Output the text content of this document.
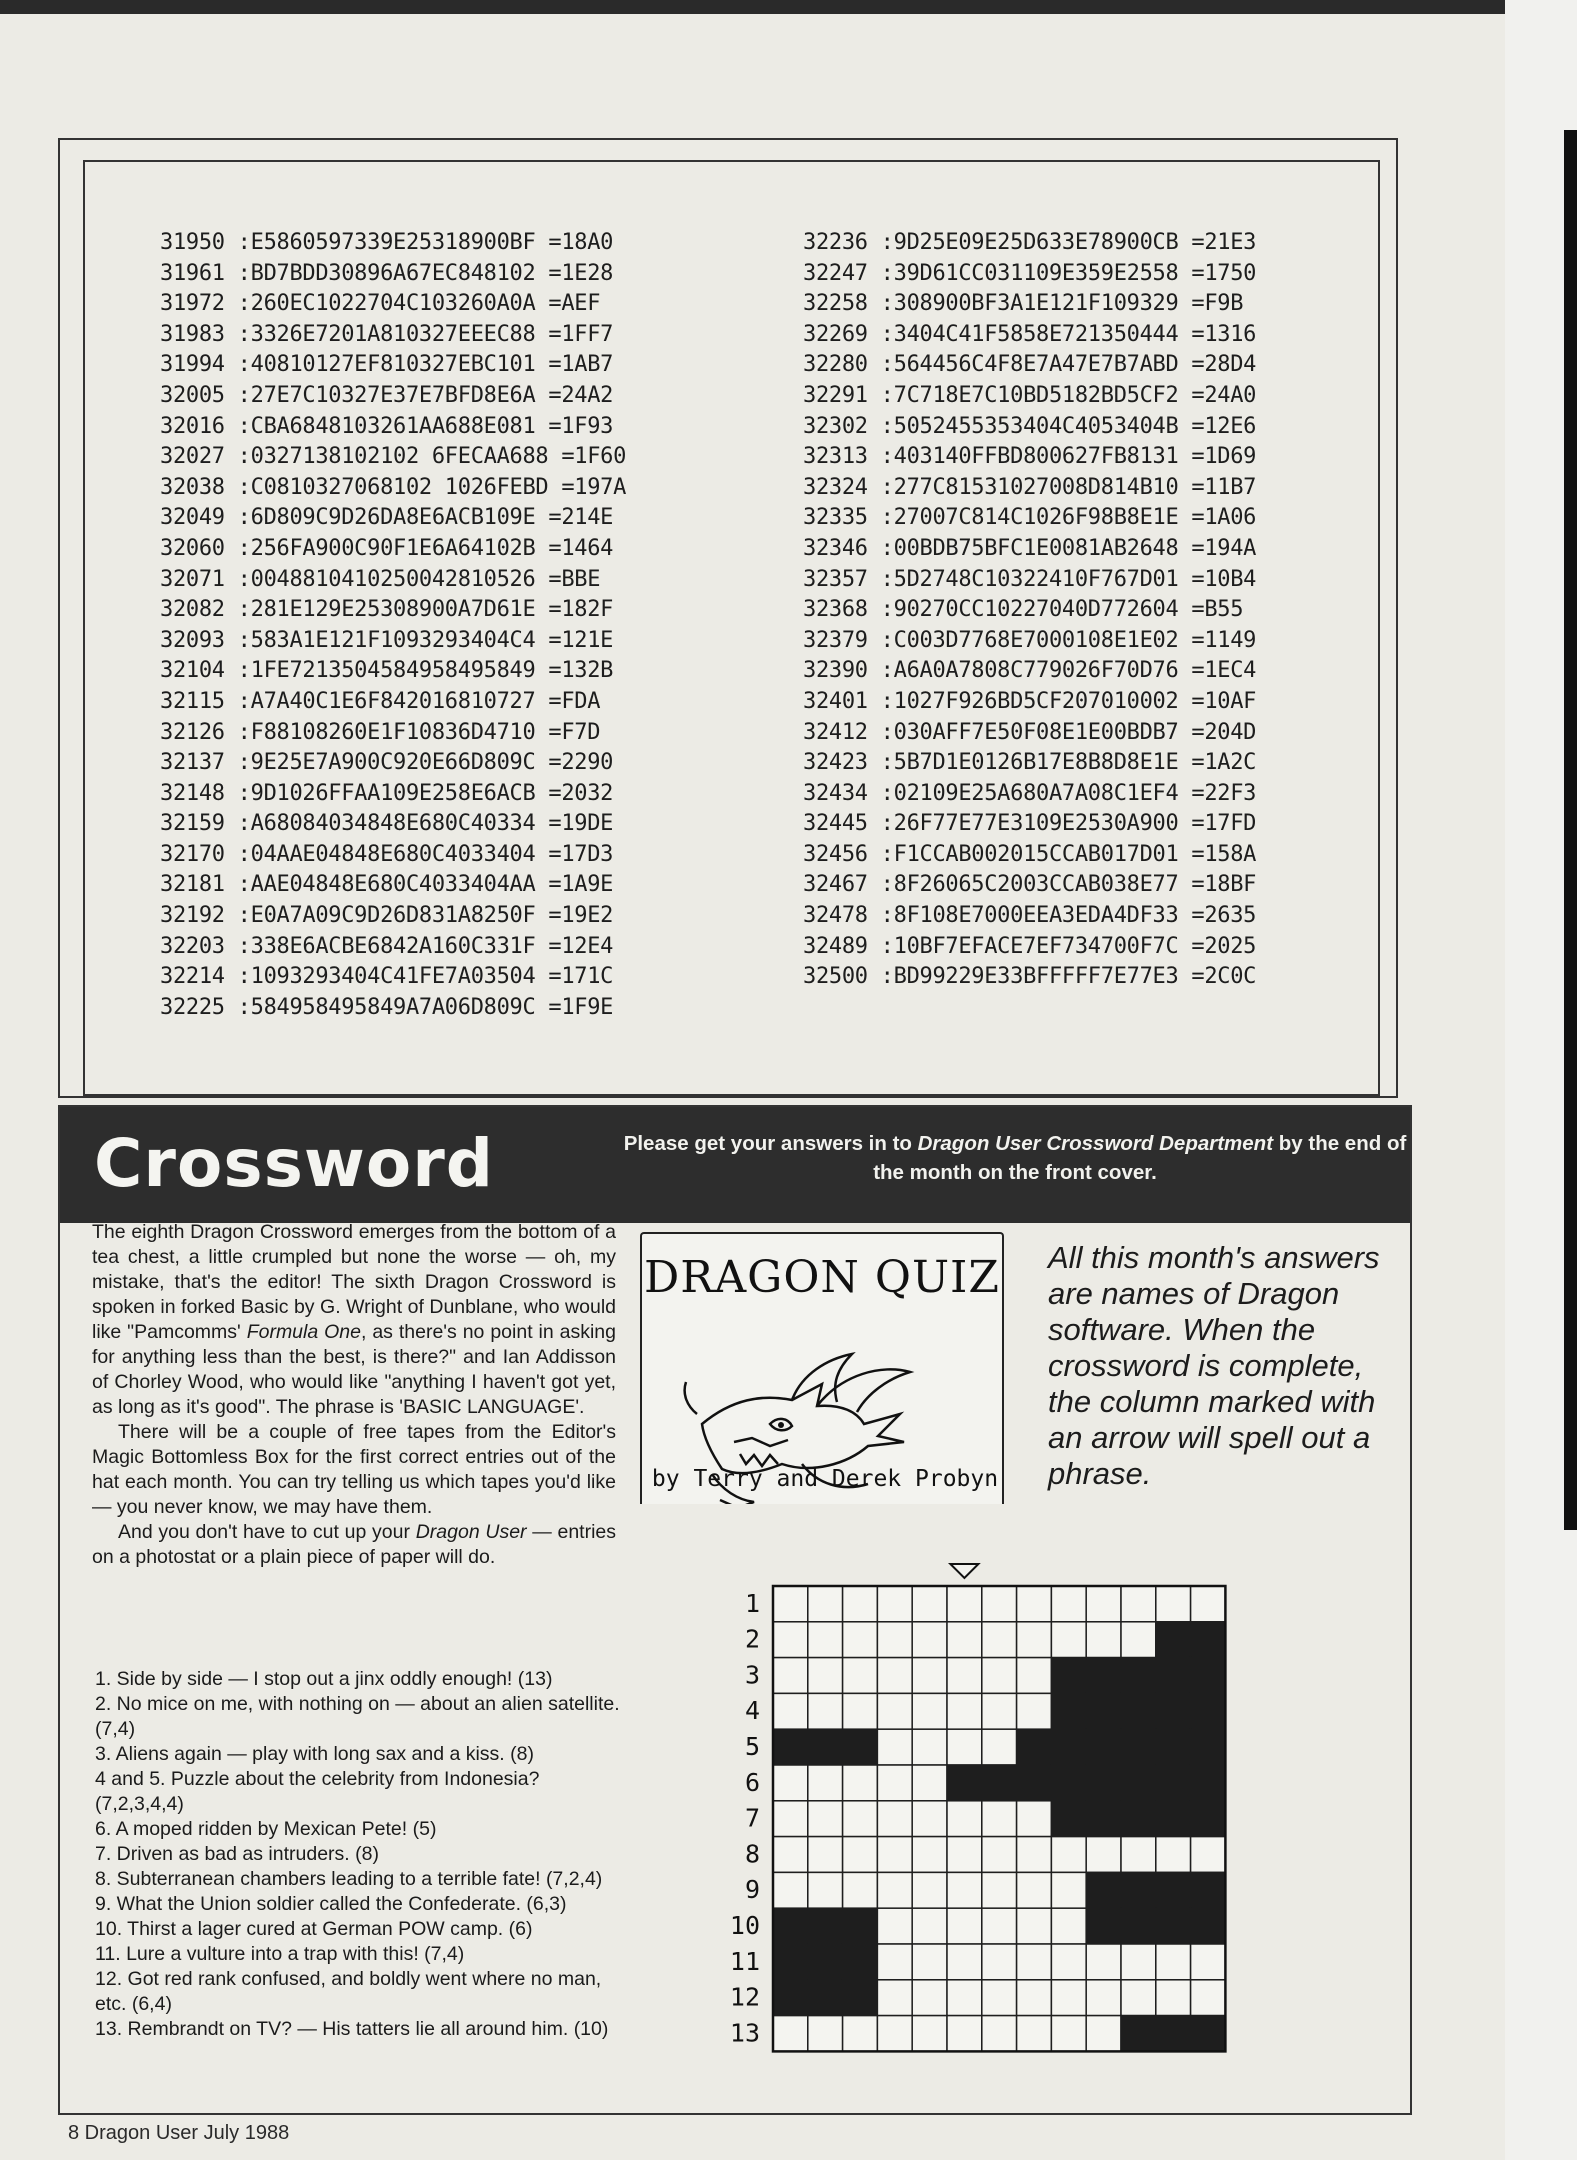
31950 :E5860597339E25318900BF =18A0
31961 :BD7BDD30896A67EC848102 =1E28
31972 :260EC1022704C103260A0A =AEF
31983 :3326E7201A810327EEEC88 =1FF7
31994 :40810127EF810327EBC101 =1AB7
32005 :27E7C10327E37E7BFD8E6A =24A2
32016 :CBA6848103261AA688E081 =1F93
32027 :0327138102102 6FECAA688 =1F60
32038 :C0810327068102 1026FEBD =197A
32049 :6D809C9D26DA8E6ACB109E =214E
32060 :256FA900C90F1E6A64102B =1464
32071 :0048810410250042810526 =BBE
32082 :281E129E25308900A7D61E =182F
32093 :583A1E121F1093293404C4 =121E
32104 :1FE7213504584958495849 =132B
32115 :A7A40C1E6F842016810727 =FDA
32126 :F88108260E1F10836D4710 =F7D
32137 :9E25E7A900C920E66D809C =2290
32148 :9D1026FFAA109E258E6ACB =2032
32159 :A68084034848E680C40334 =19DE
32170 :04AAE04848E680C4033404 =17D3
32181 :AAE04848E680C4033404AA =1A9E
32192 :E0A7A09C9D26D831A8250F =19E2
32203 :338E6ACBE6842A160C331F =12E4
32214 :1093293404C41FE7A03504 =171C
32225 :584958495849A7A06D809C =1F9E
32236 :9D25E09E25D633E78900CB =21E3
32247 :39D61CC031109E359E2558 =1750
32258 :308900BF3A1E121F109329 =F9B
32269 :3404C41F5858E721350444 =1316
32280 :564456C4F8E7A47E7B7ABD =28D4
32291 :7C718E7C10BD5182BD5CF2 =24A0
32302 :5052455353404C4053404B =12E6
32313 :403140FFBD800627FB8131 =1D69
32324 :277C81531027008D814B10 =11B7
32335 :27007C814C1026F98B8E1E =1A06
32346 :00BDB75BFC1E0081AB2648 =194A
32357 :5D2748C10322410F767D01 =10B4
32368 :90270CC10227040D772604 =B55
32379 :C003D7768E7000108E1E02 =1149
32390 :A6A0A7808C779026F70D76 =1EC4
32401 :1027F926BD5CF207010002 =10AF
32412 :030AFF7E50F08E1E00BDB7 =204D
32423 :5B7D1E0126B17E8B8D8E1E =1A2C
32434 :02109E25A680A7A08C1EF4 =22F3
32445 :26F77E77E3109E2530A900 =17FD
32456 :F1CCAB002015CCAB017D01 =158A
32467 :8F26065C2003CCAB038E77 =18BF
32478 :8F108E7000EEA3EDA4DF33 =2635
32489 :10BF7EFACE7EF734700F7C =2025
32500 :BD99229E33BFFFFF7E77E3 =2C0C
Crossword	Please get your answers in to Dragon User Crossword Department by the end of the month on the front cover.

The eighth Dragon Crossword emerges from the bottom of a tea chest, a little crumpled but none the worse — oh, my mistake, that's the editor! The sixth Dragon Crossword is spoken in forked Basic by G. Wright of Dunblane, who would like "Pamcomms' Formula One, as there's no point in asking for anything less than the best, is there?" and Ian Addisson of Chorley Wood, who would like "anything I haven't got yet, as long as it's good". The phrase is 'BASIC LANGUAGE'.

There will be a couple of free tapes from the Editor's Magic Bottomless Box for the first correct entries out of the hat each month. You can try telling us which tapes you'd like — you never know, we may have them.

And you don't have to cut up your Dragon User — entries on a photostat or a plain piece of paper will do.

1. Side by side — I stop out a jinx oddly enough! (13)
2. No mice on me, with nothing on — about an alien satellite. (7,4)
3. Aliens again — play with long sax and a kiss. (8)
4 and 5. Puzzle about the celebrity from Indonesia? (7,2,3,4,4)
6. A moped ridden by Mexican Pete! (5)
7. Driven as bad as intruders. (8)
8. Subterranean chambers leading to a terrible fate! (7,2,4)
9. What the Union soldier called the Confederate. (6,3)
10. Thirst a lager cured at German POW camp. (6)
11. Lure a vulture into a trap with this! (7,4)
12. Got red rank confused, and boldly went where no man, etc. (6,4)
13. Rembrandt on TV? — His tatters lie all around him. (10)
DRAGON QUIZ
by Terry and Derek Probyn
All this month's answers are names of Dragon software. When the crossword is complete, the column marked with an arrow will spell out a phrase.
1
2
3
4
5
6
7
8
9
10
11
12
13
8 Dragon User July 1988
